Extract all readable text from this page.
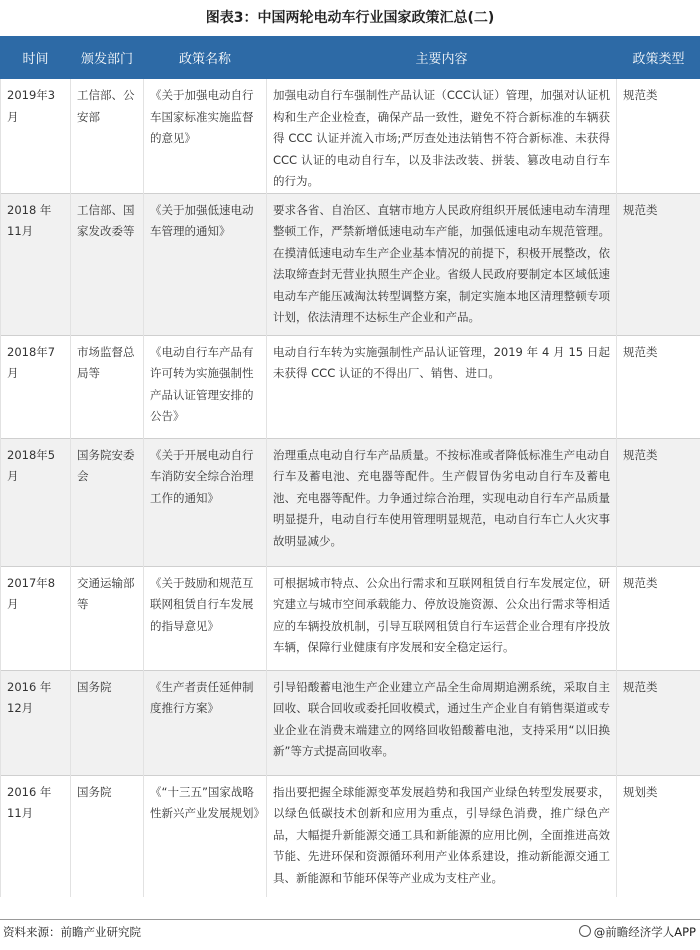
图表3：中国两轮电动车行业国家政策汇总(二)
时间	颁发部门	政策名称	主要内容	政策类型
2019年3月	工信部、公安部	《关于加强电动自行车国家标准实施监督的意见》	加强电动自行车强制性产品认证（CCC认证）管理，加强对认证机构和生产企业检查，确保产品一致性，避免不符合新标准的车辆获得 CCC 认证并流入市场;严厉查处违法销售不符合新标准、未获得 CCC 认证的电动自行车，以及非法改装、拼装、篡改电动自行车的行为。	规范类
2018 年 11月	工信部、国家发改委等	《关于加强低速电动车管理的通知》	要求各省、自治区、直辖市地方人民政府组织开展低速电动车清理整顿工作，严禁新增低速电动车产能，加强低速电动车规范管理。在摸清低速电动车生产企业基本情况的前提下，积极开展整改，依法取缔查封无营业执照生产企业。省级人民政府要制定本区域低速电动车产能压减淘汰转型调整方案，制定实施本地区清理整顿专项计划，依法清理不达标生产企业和产品。	规范类
2018年7月	市场监督总局等	《电动自行车产品有许可转为实施强制性产品认证管理安排的公告》	电动自行车转为实施强制性产品认证管理，2019 年 4 月 15 日起未获得 CCC 认证的不得出厂、销售、进口。	规范类
2018年5月	国务院安委会	《关于开展电动自行车消防安全综合治理工作的通知》	治理重点电动自行车产品质量。不按标准或者降低标准生产电动自行车及蓄电池、充电器等配件。生产假冒伪劣电动自行车及蓄电池、充电器等配件。力争通过综合治理，实现电动自行车产品质量明显提升，电动自行车使用管理明显规范，电动自行车亡人火灾事故明显减少。	规范类
2017年8月	交通运输部等	《关于鼓励和规范互联网租赁自行车发展的指导意见》	可根据城市特点、公众出行需求和互联网租赁自行车发展定位，研究建立与城市空间承载能力、停放设施资源、公众出行需求等相适应的车辆投放机制，引导互联网租赁自行车运营企业合理有序投放车辆，保障行业健康有序发展和安全稳定运行。	规范类
2016 年 12月	国务院	《生产者责任延伸制度推行方案》	引导铅酸蓄电池生产企业建立产品全生命周期追溯系统，采取自主回收、联合回收或委托回收模式，通过生产企业自有销售渠道或专业企业在消费末端建立的网络回收铅酸蓄电池，支持采用“以旧换新”等方式提高回收率。	规范类
2016 年 11月	国务院	《“十三五”国家战略性新兴产业发展规划》	指出要把握全球能源变革发展趋势和我国产业绿色转型发展要求，以绿色低碳技术创新和应用为重点，引导绿色消费，推广绿色产品，大幅提升新能源交通工具和新能源的应用比例，全面推进高效节能、先进环保和资源循环利用产业体系建设，推动新能源交通工具、新能源和节能环保等产业成为支柱产业。	规划类
资料来源：前瞻产业研究院	@前瞻经济学人APP
